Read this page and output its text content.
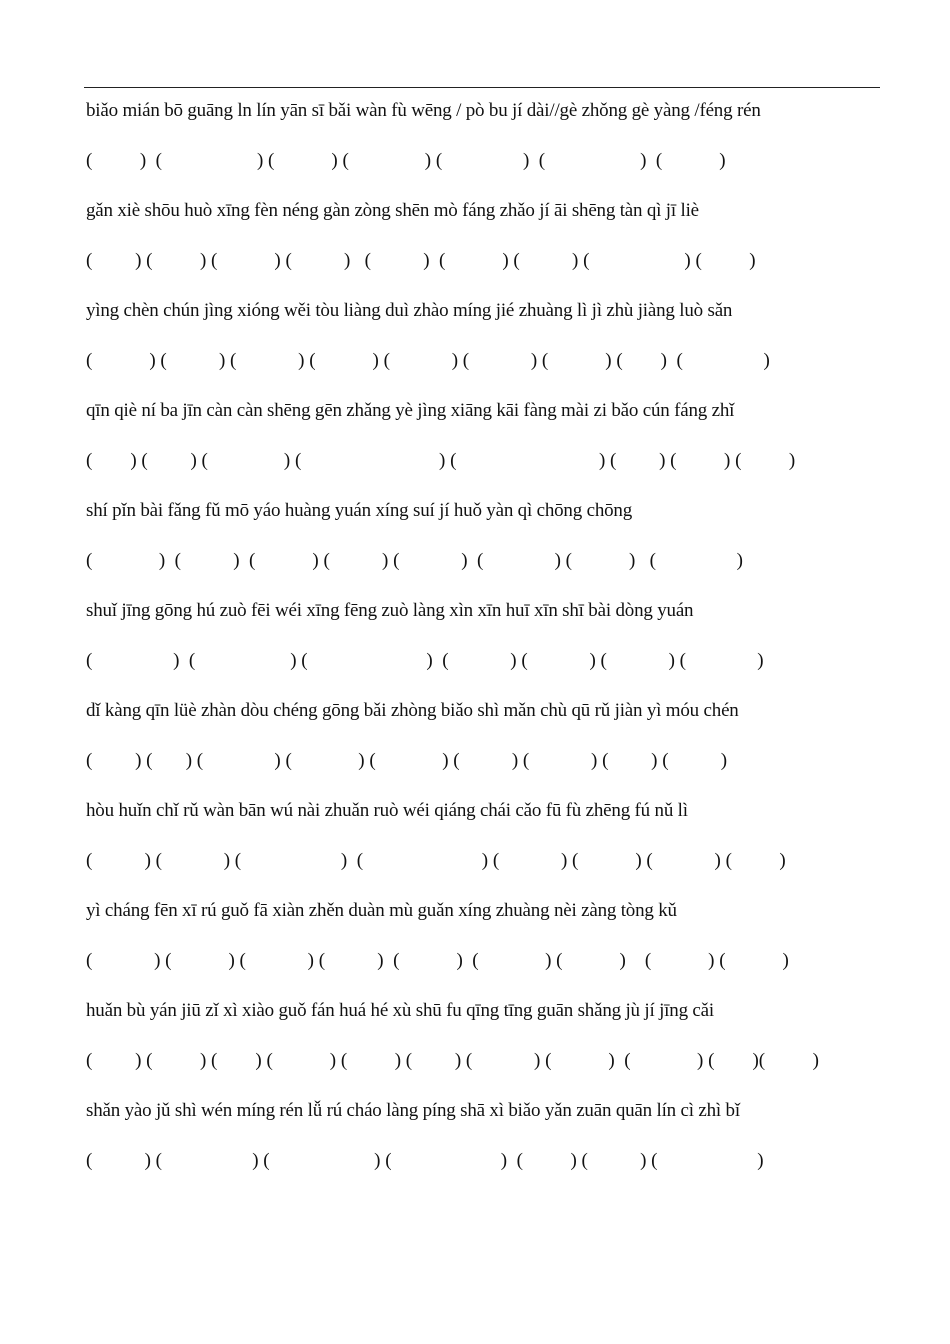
biǎo mián bō guāng ln lín yān sī bǎi wàn fù wēng / pò bu jí dài//gè zhǒng gè yàng /féng rén
(          )  (                    ) (            ) (                ) (                 )  (                    )  (            )
gǎn xiè shōu huò xīng fèn néng gàn zòng shēn mò fáng zhǎo jí āi shēng tàn qì jī liè
(         ) (          ) (            ) (           )   (           )  (            ) (           ) (                    ) (          )
yìng chèn chún jìng xióng wěi tòu liàng duì zhào míng jié zhuàng lì jì zhù jiàng luò sǎn
(            ) (           ) (             ) (            ) (             ) (             ) (            ) (        )  (                 )
qīn qiè ní ba jīn càn càn shēng gēn zhǎng yè jìng xiāng kāi fàng mài zi bǎo cún fáng zhǐ
(        ) (         ) (                ) (                             ) (                              ) (         ) (          ) (          )
shí pǐn bài fǎng fǔ mō yáo huàng yuán xíng suí jí huǒ yàn qì chōng chōng
(              )  (           )  (            ) (           ) (             )  (               ) (            )   (                 )
shuǐ jīng gōng hú zuò fēi wéi xīng fēng zuò làng xìn xīn huī xīn shī bài dòng yuán
(                 )  (                    ) (                         )  (             ) (             ) (             ) (               )
dǐ kàng qīn lüè zhàn dòu chéng gōng bǎi zhòng biǎo shì mǎn chù qū rǔ jiàn yì móu chén
(         ) (       ) (               ) (              ) (              ) (           ) (             ) (         ) (           )
hòu huǐn chǐ rǔ wàn bān wú nài zhuǎn ruò wéi qiáng chái cǎo fū fù zhēng fú nǔ lì
(           ) (             ) (                     )  (                         ) (             ) (            ) (             ) (          )
yì cháng fēn xī rú guǒ fā xiàn zhěn duàn mù guǎn xíng zhuàng nèi zàng tòng kǔ
(             ) (            ) (             ) (           )  (            )  (              ) (            )    (            ) (            )
huǎn bù yán jiū zǐ xì xiào guǒ fán huá hé xù shū fu qīng tīng guān shǎng jù jí jīng cǎi
(         ) (          ) (        ) (            ) (          ) (         ) (             ) (            )  (              ) (        )(          )
shǎn yào jǔ shì wén míng rén lǚ rú cháo làng píng shā xì biǎo yǎn zuān quān lín cì zhì bǐ
(           ) (                   ) (                      ) (                       )  (          ) (           ) (                     )
